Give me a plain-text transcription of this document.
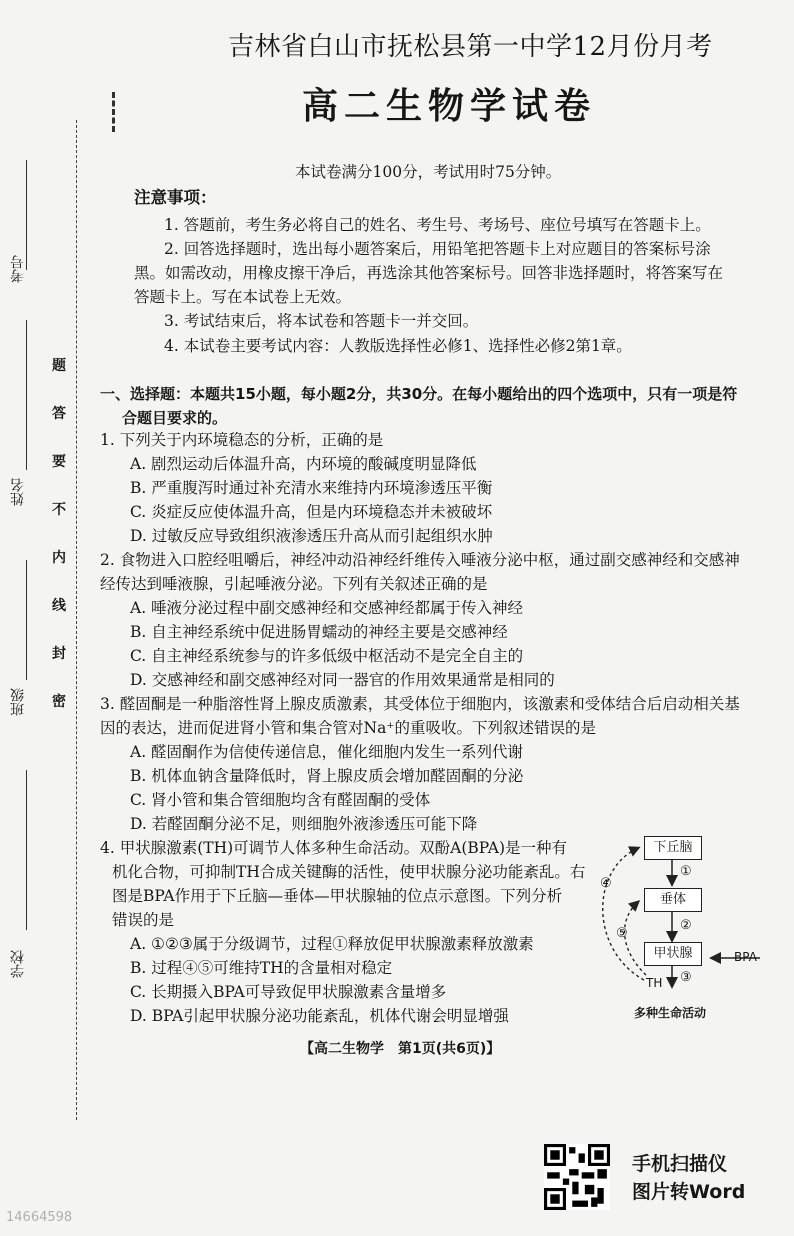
考号
姓名
班级
学校
题
答
要
不
内
线
封
密
吉林省白山市抚松县第一中学12月份月考
高二生物学试卷
本试卷满分100分，考试用时75分钟。
注意事项：
1. 答题前，考生务必将自己的姓名、考生号、考场号、座位号填写在答题卡上。
2. 回答选择题时，选出每小题答案后，用铅笔把答题卡上对应题目的答案标号涂
黑。如需改动，用橡皮擦干净后，再选涂其他答案标号。回答非选择题时，将答案写在
答题卡上。写在本试卷上无效。
3. 考试结束后，将本试卷和答题卡一并交回。
4. 本试卷主要考试内容：人教版选择性必修1、选择性必修2第1章。
一、选择题：本题共15小题，每小题2分，共30分。在每小题给出的四个选项中，只有一项是符
合题目要求的。
1. 下列关于内环境稳态的分析，正确的是
A. 剧烈运动后体温升高，内环境的酸碱度明显降低
B. 严重腹泻时通过补充清水来维持内环境渗透压平衡
C. 炎症反应使体温升高，但是内环境稳态并未被破坏
D. 过敏反应导致组织液渗透压升高从而引起组织水肿
2. 食物进入口腔经咀嚼后，神经冲动沿神经纤维传入唾液分泌中枢，通过副交感神经和交感神
经传达到唾液腺，引起唾液分泌。下列有关叙述正确的是
A. 唾液分泌过程中副交感神经和交感神经都属于传入神经
B. 自主神经系统中促进肠胃蠕动的神经主要是交感神经
C. 自主神经系统参与的许多低级中枢活动不是完全自主的
D. 交感神经和副交感神经对同一器官的作用效果通常是相同的
3. 醛固酮是一种脂溶性肾上腺皮质激素，其受体位于细胞内，该激素和受体结合后启动相关基
因的表达，进而促进肾小管和集合管对Na⁺的重吸收。下列叙述错误的是
A. 醛固酮作为信使传递信息，催化细胞内发生一系列代谢
B. 机体血钠含量降低时，肾上腺皮质会增加醛固酮的分泌
C. 肾小管和集合管细胞均含有醛固酮的受体
D. 若醛固酮分泌不足，则细胞外液渗透压可能下降
4. 甲状腺激素(TH)可调节人体多种生命活动。双酚A(BPA)是一种有
机化合物，可抑制TH合成关键酶的活性，使甲状腺分泌功能紊乱。右
图是BPA作用于下丘脑—垂体—甲状腺轴的位点示意图。下列分析
错误的是
A. ①②③属于分级调节，过程①释放促甲状腺激素释放激素
B. 过程④⑤可维持TH的含量相对稳定
C. 长期摄入BPA可导致促甲状腺激素含量增多
D. BPA引起甲状腺分泌功能紊乱，机体代谢会明显增强
下丘脑
垂体
甲状腺
①
②
③
④
⑤
BPA
TH
多种生命活动
【高二生物学　第1页(共6页)】
手机扫描仪
图片转Word
14664598
